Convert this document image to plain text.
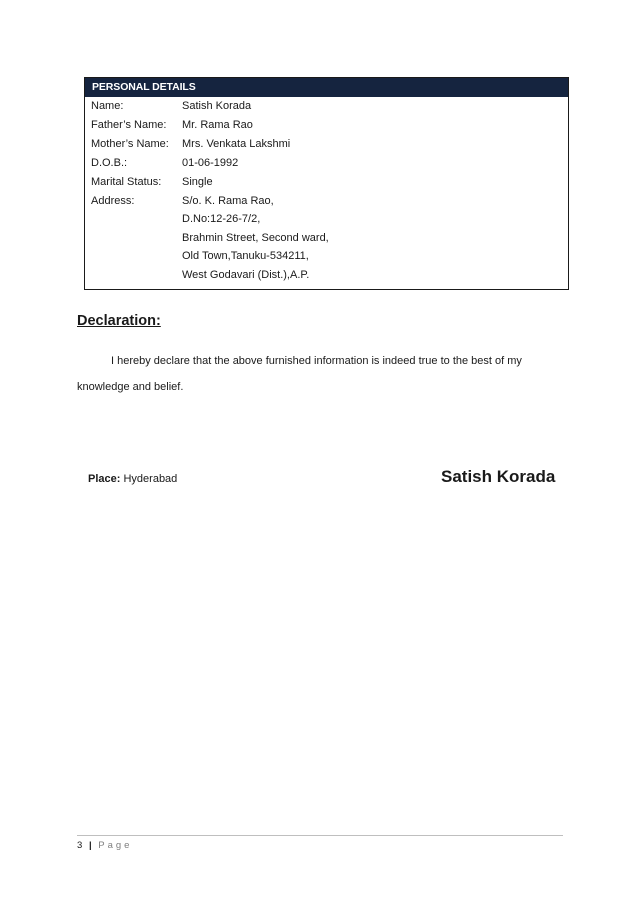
PERSONAL DETAILS
Name:	Satish Korada
Father’s Name: Mr. Rama Rao
Mother’s Name: Mrs. Venkata Lakshmi
D.O.B.:	01-06-1992
Marital Status: Single
Address:	S/o. K. Rama Rao,
D.No:12-26-7/2,
Brahmin Street, Second ward,
Old Town,Tanuku-534211,
West Godavari (Dist.),A.P.
Declaration:
I hereby declare that the above furnished information is indeed true to the best of my knowledge and belief.
Place: Hyderabad	Satish Korada
3 | Page
